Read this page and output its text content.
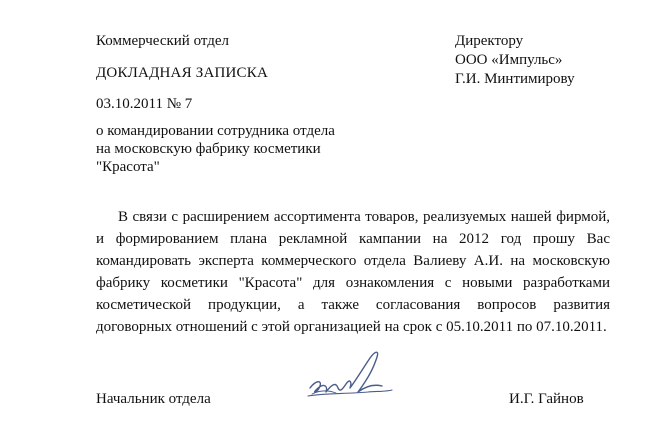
Коммерческий отдел	Директору
ООО «Импульс»
Г.И. Минтимирову
ДОКЛАДНАЯ ЗАПИСКА
03.10.2011 № 7
о командировании сотрудника отдела
на московскую фабрику косметики
"Красота"
В связи с расширением ассортимента товаров, реализуемых нашей фирмой, и формированием плана рекламной кампании на 2012 год прошу Вас командировать эксперта коммерческого отдела Валиеву А.И. на московскую фабрику косметики "Красота" для ознакомления с новыми разработками косметической продукции, а также согласования вопросов развития договорных отношений с этой организацией на срок с 05.10.2011 по 07.10.2011.
Начальник отдела	И.Г. Гайнов
